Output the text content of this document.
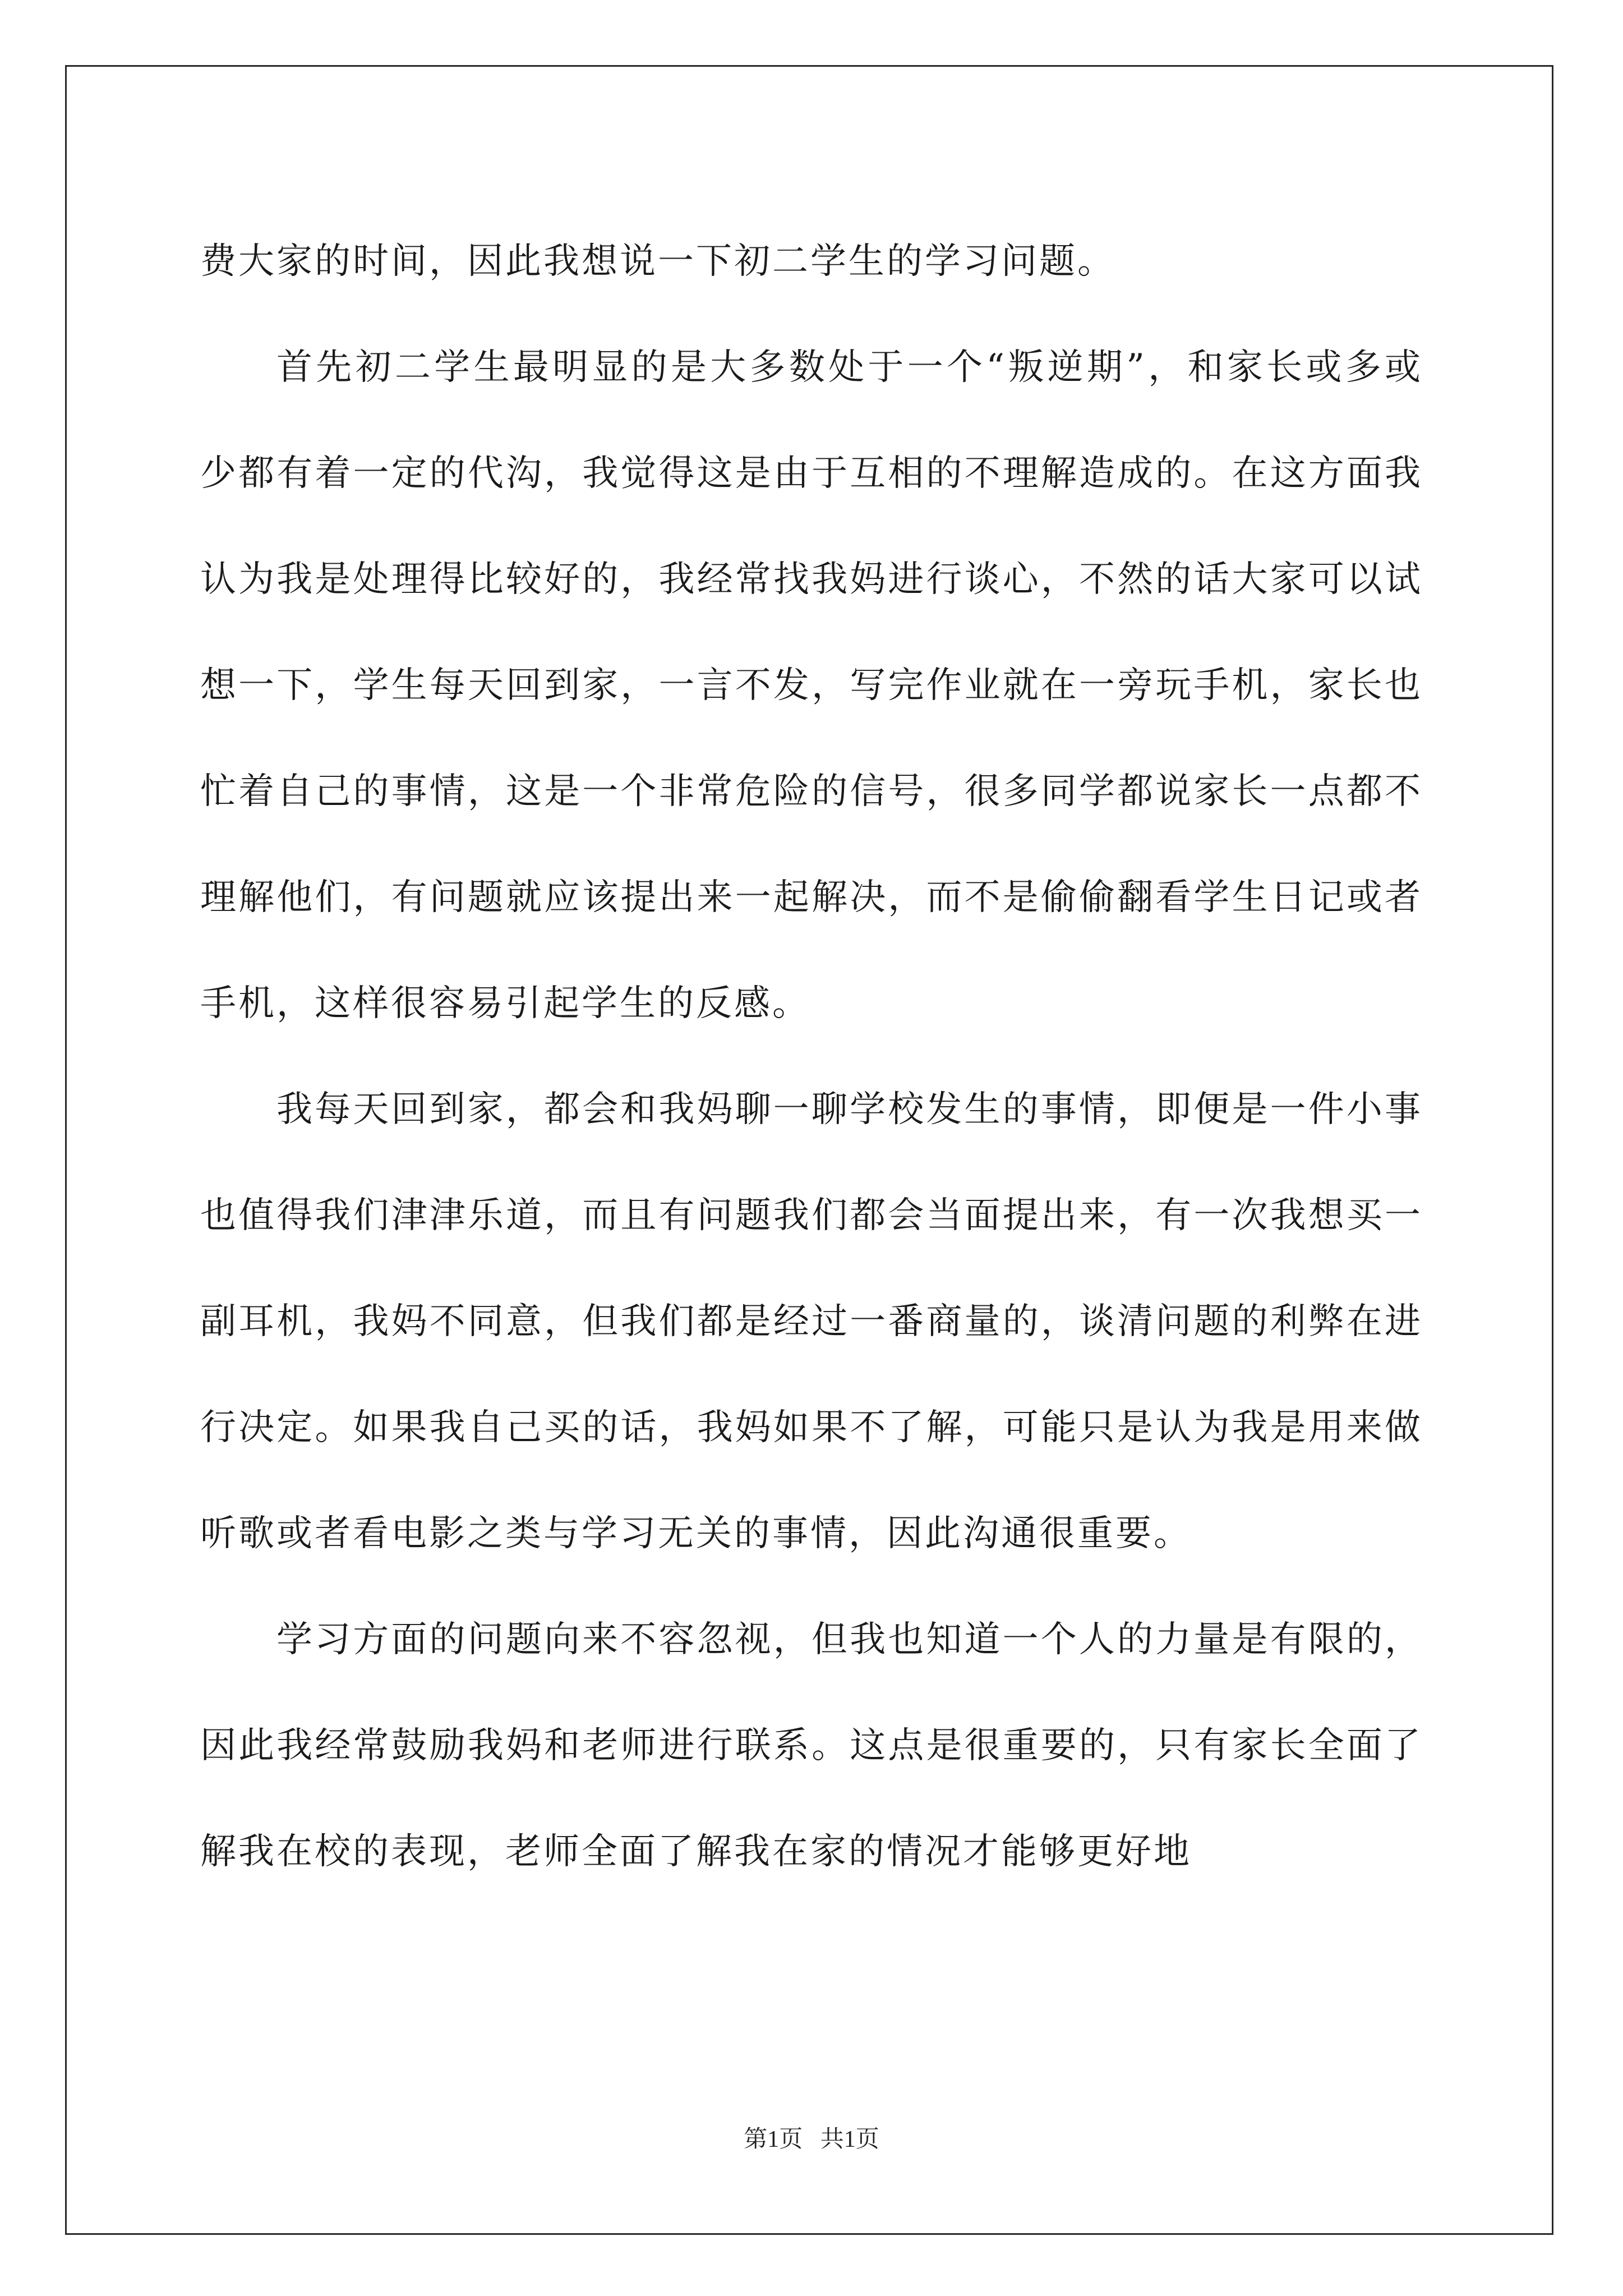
费大家的时间，因此我想说一下初二学生的学习问题。

首先初二学生最明显的是大多数处于一个“叛逆期”，和家长或多或少都有着一定的代沟，我觉得这是由于互相的不理解造成的。在这方面我认为我是处理得比较好的，我经常找我妈进行谈心，不然的话大家可以试想一下，学生每天回到家，一言不发，写完作业就在一旁玩手机，家长也忙着自己的事情，这是一个非常危险的信号，很多同学都说家长一点都不理解他们，有问题就应该提出来一起解决，而不是偷偷翻看学生日记或者手机，这样很容易引起学生的反感。

我每天回到家，都会和我妈聊一聊学校发生的事情，即便是一件小事也值得我们津津乐道，而且有问题我们都会当面提出来，有一次我想买一副耳机，我妈不同意，但我们都是经过一番商量的，谈清问题的利弊在进行决定。如果我自己买的话，我妈如果不了解，可能只是认为我是用来做听歌或者看电影之类与学习无关的事情，因此沟通很重要。

学习方面的问题向来不容忽视，但我也知道一个人的力量是有限的，因此我经常鼓励我妈和老师进行联系。这点是很重要的，只有家长全面了解我在校的表现，老师全面了解我在家的情况才能够更好地

第1页   共1页
